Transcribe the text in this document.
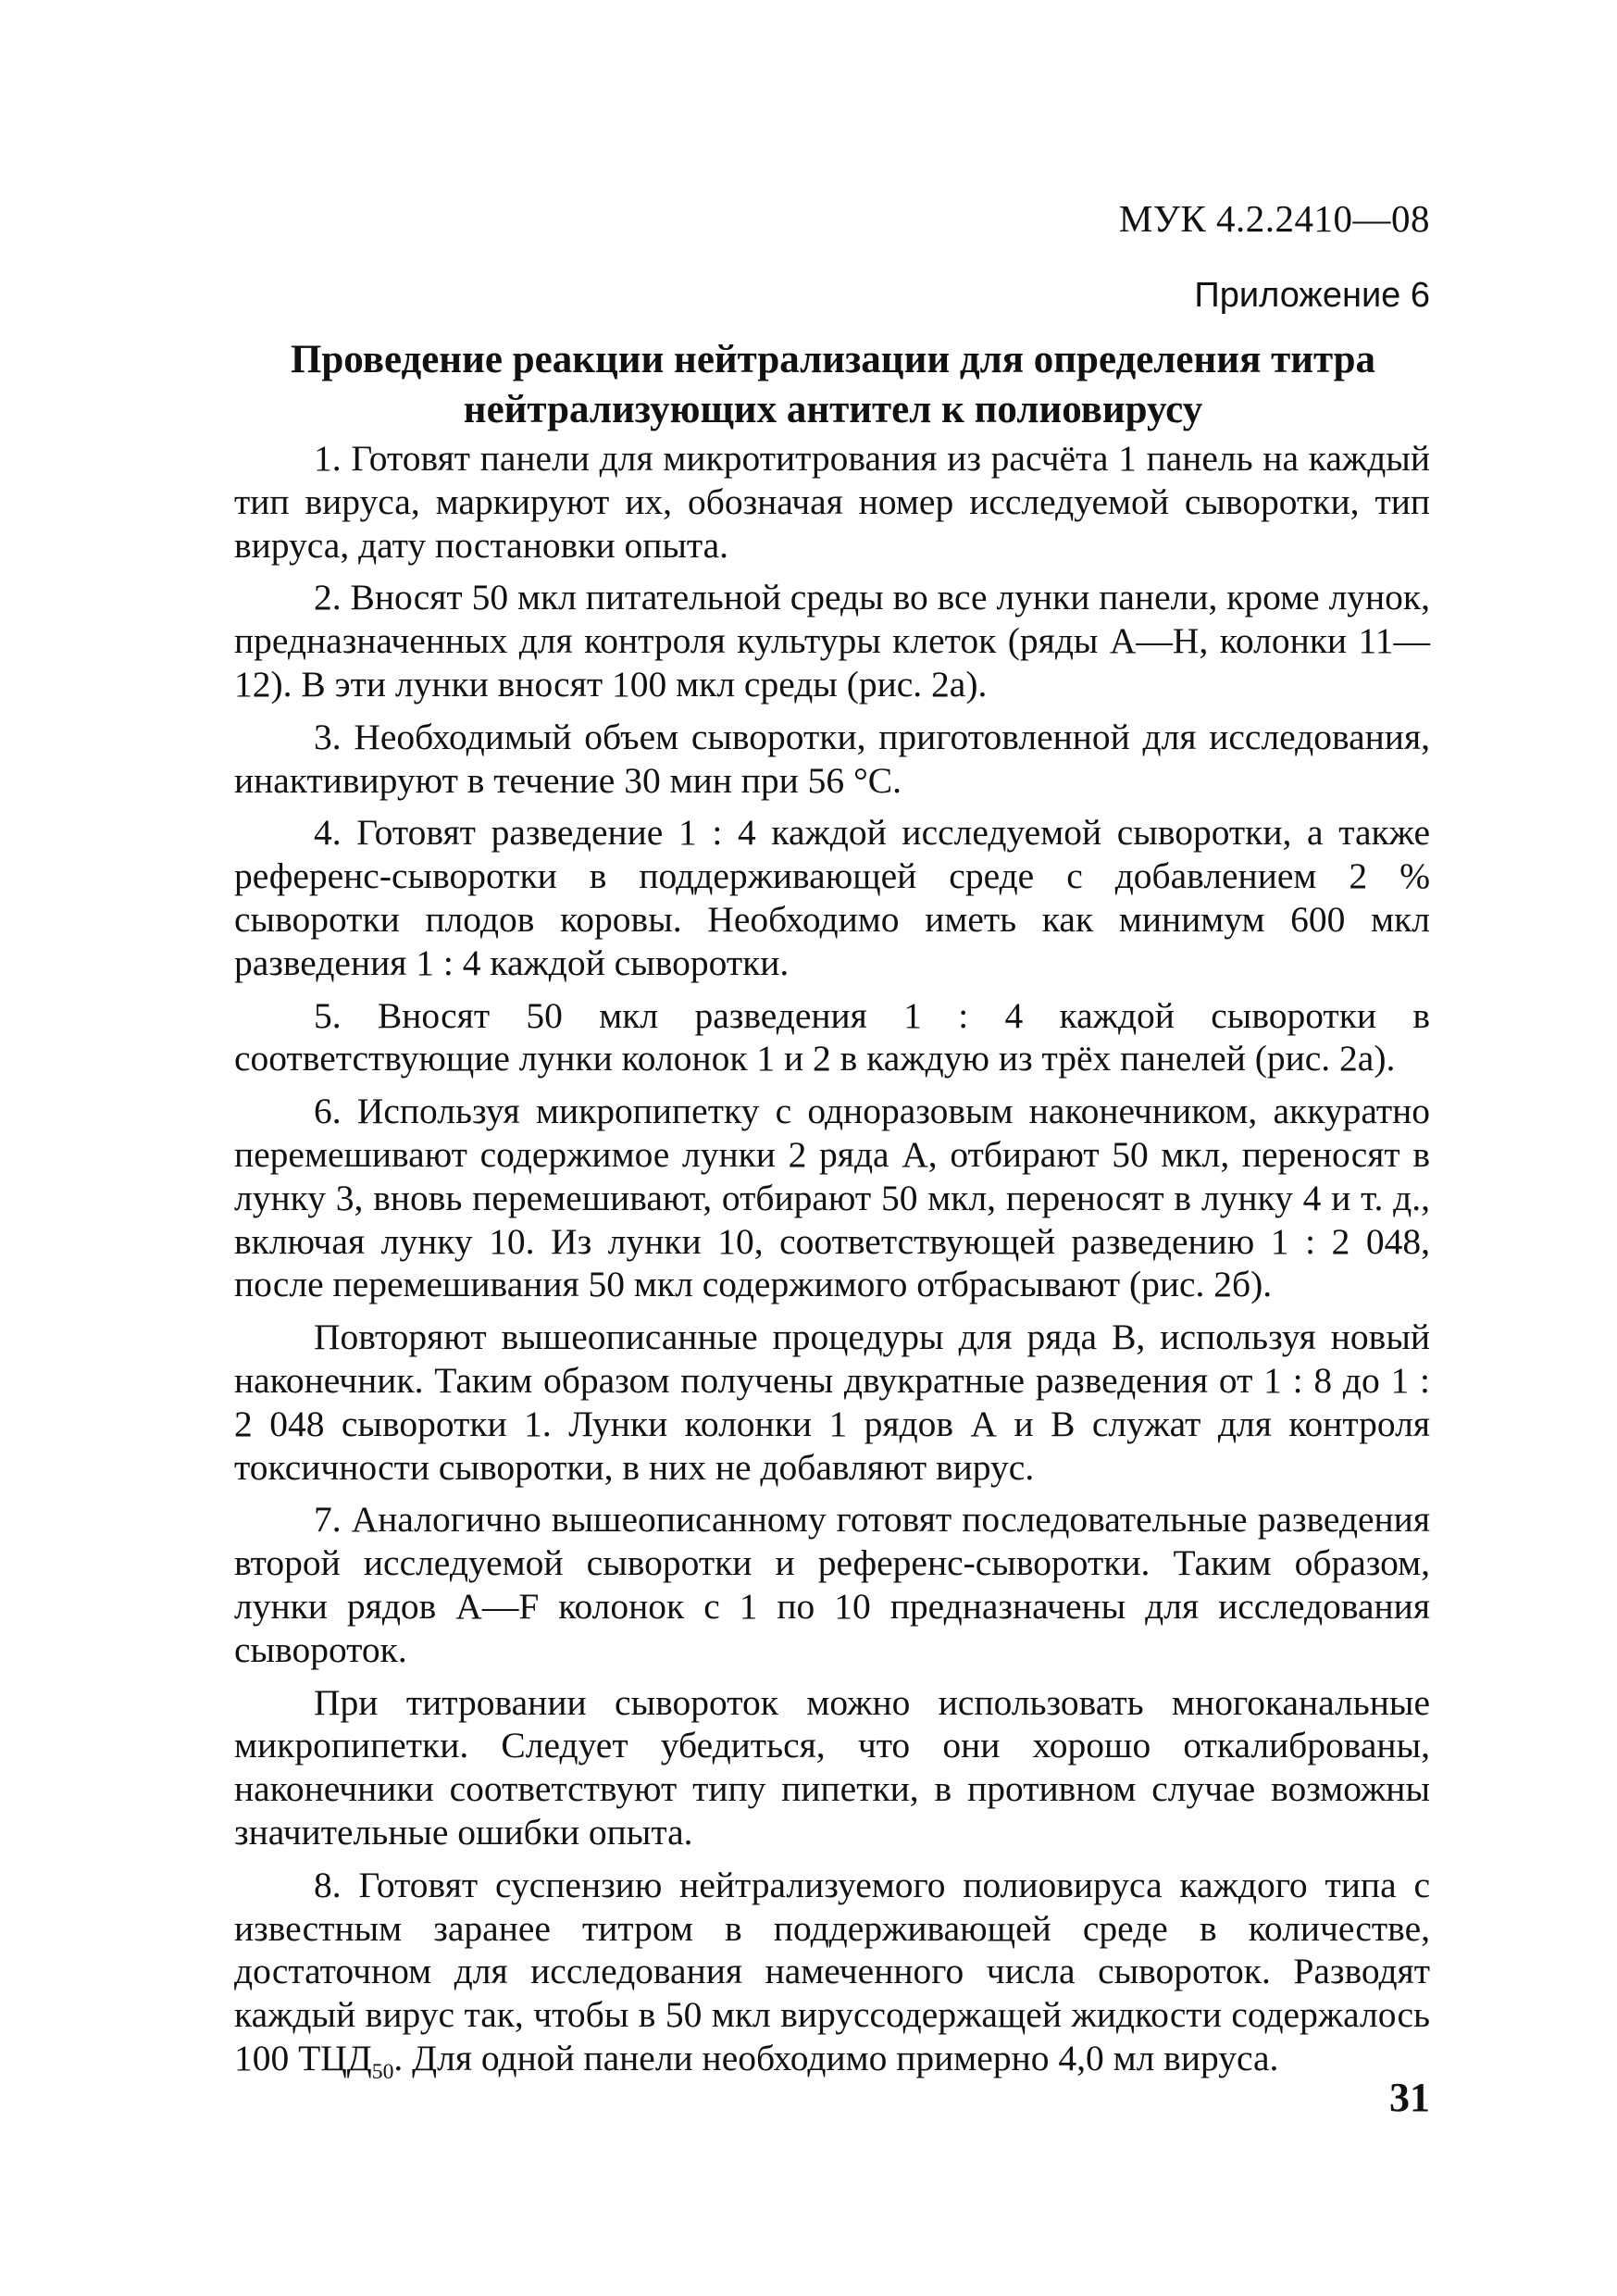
МУК 4.2.2410—08
Приложение 6
Проведение реакции нейтрализации для определения титра нейтрализующих антител к полиовирусу

1. Готовят панели для микротитрования из расчёта 1 панель на каждый тип вируса, маркируют их, обозначая номер исследуемой сыворотки, тип вируса, дату постановки опыта.

2. Вносят 50 мкл питательной среды во все лунки панели, кроме лунок, предназначенных для контроля культуры клеток (ряды А—Н, колонки 11—12). В эти лунки вносят 100 мкл среды (рис. 2а).

3. Необходимый объем сыворотки, приготовленной для исследования, инактивируют в течение 30 мин при 56 °С.

4. Готовят разведение 1 : 4 каждой исследуемой сыворотки, а также референс-сыворотки в поддерживающей среде с добавлением 2 % сыворотки плодов коровы. Необходимо иметь как минимум 600 мкл разведения 1 : 4 каждой сыворотки.

5. Вносят 50 мкл разведения 1 : 4 каждой сыворотки в соответствующие лунки колонок 1 и 2 в каждую из трёх панелей (рис. 2а).

6. Используя микропипетку с одноразовым наконечником, аккуратно перемешивают содержимое лунки 2 ряда А, отбирают 50 мкл, переносят в лунку 3, вновь перемешивают, отбирают 50 мкл, переносят в лунку 4 и т. д., включая лунку 10. Из лунки 10, соответствующей разведению 1 : 2 048, после перемешивания 50 мкл содержимого отбрасывают (рис. 2б).

Повторяют вышеописанные процедуры для ряда В, используя новый наконечник. Таким образом получены двукратные разведения от 1 : 8 до 1 : 2 048 сыворотки 1. Лунки колонки 1 рядов А и В служат для контроля токсичности сыворотки, в них не добавляют вирус.

7. Аналогично вышеописанному готовят последовательные разведения второй исследуемой сыворотки и референс-сыворотки. Таким образом, лунки рядов А—F колонок с 1 по 10 предназначены для исследования сывороток.

При титровании сывороток можно использовать многоканальные микропипетки. Следует убедиться, что они хорошо откалиброваны, наконечники соответствуют типу пипетки, в противном случае возможны значительные ошибки опыта.

8. Готовят суспензию нейтрализуемого полиовируса каждого типа с известным заранее титром в поддерживающей среде в количестве, достаточном для исследования намеченного числа сывороток. Разводят каждый вирус так, чтобы в 50 мкл вируссодержащей жидкости содержалось 100 $ТЦД_{50}$. Для одной панели необходимо примерно 4,0 мл вируса.

31
